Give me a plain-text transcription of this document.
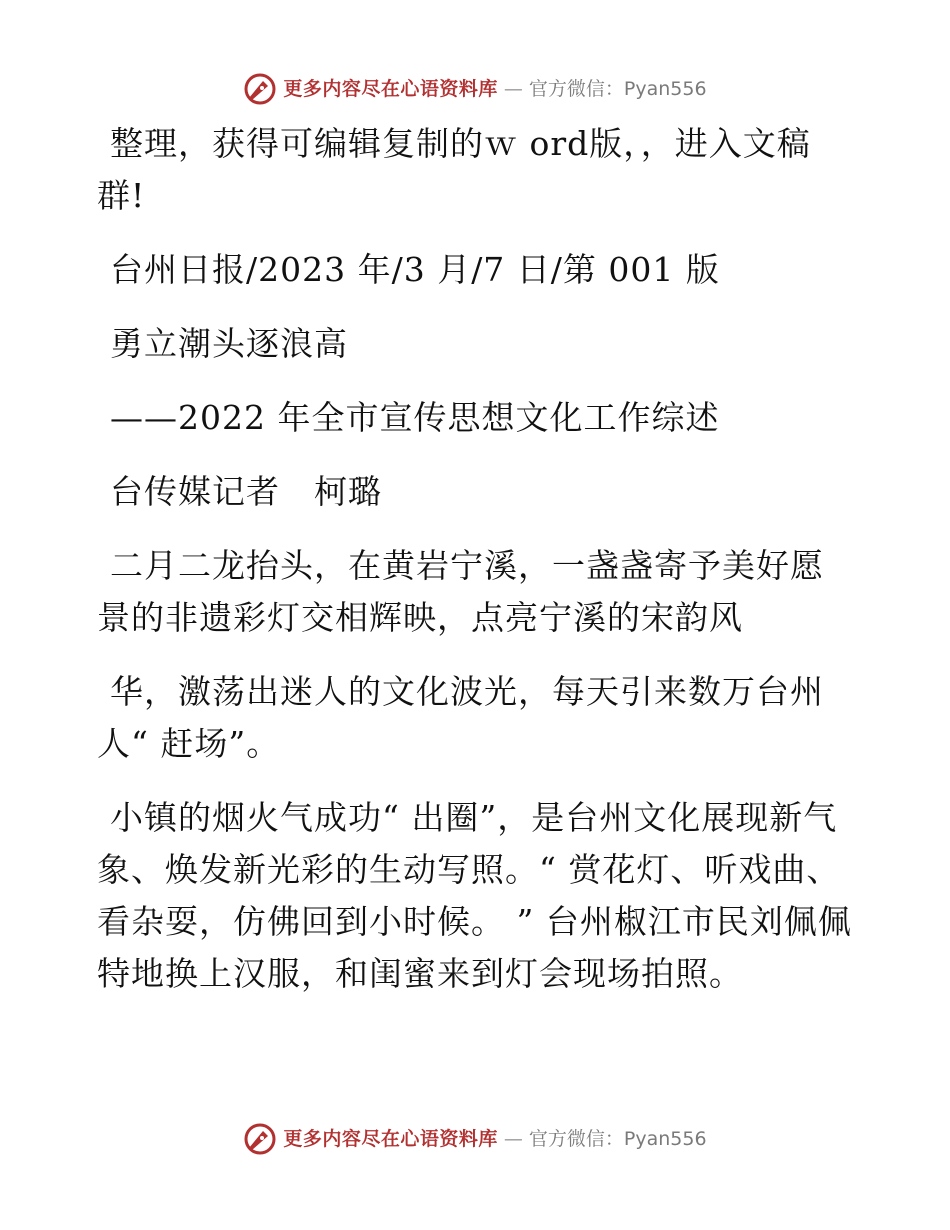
更多内容尽在心语资料库 — 官方微信：Pyan556

整理，获得可编辑复制的ｗ ord版，，进入文稿群!

台州日报/2023 年/3 月/7 日/第 001 版

勇立潮头逐浪高

——2022 年全市宣传思想文化工作综述

台传媒记者　柯璐

二月二龙抬头，在黄岩宁溪，一盏盏寄予美好愿景的非遗彩灯交相辉映，点亮宁溪的宋韵风

华，激荡出迷人的文化波光，每天引来数万台州人“ 赶场”。

小镇的烟火气成功“ 出圈”，是台州文化展现新气象、焕发新光彩的生动写照。“ 赏花灯、听戏曲、看杂耍，仿佛回到小时候。 ” 台州椒江市民刘佩佩特地换上汉服，和闺蜜来到灯会现场拍照。

更多内容尽在心语资料库 — 官方微信：Pyan556
